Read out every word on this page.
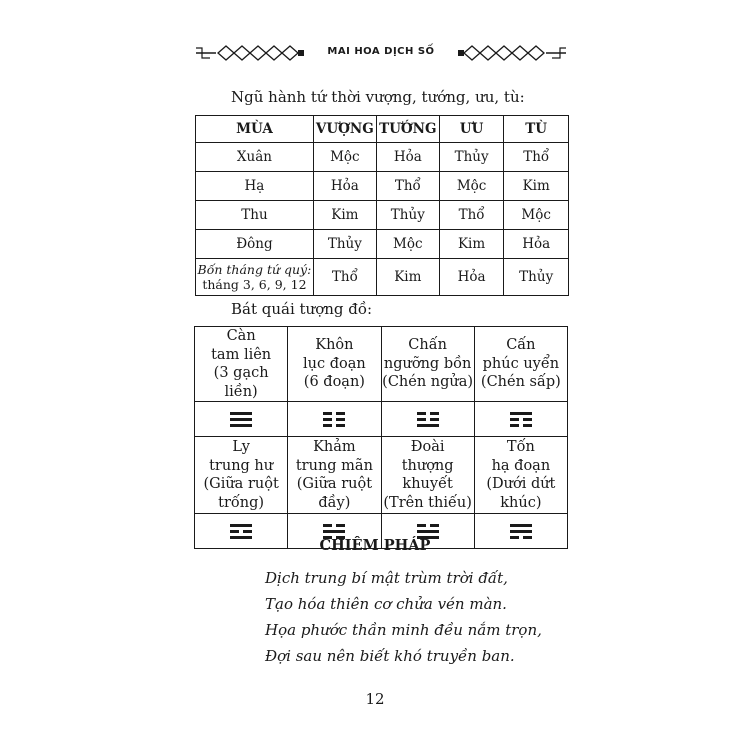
MAI HOA DỊCH SỐ
Ngũ hành tứ thời vượng, tướng, ưu, tù:
MÙA	VƯỢNG	TƯỚNG	ƯU	TÙ
Xuân	Mộc	Hỏa	Thủy	Thổ
Hạ	Hỏa	Thổ	Mộc	Kim
Thu	Kim	Thủy	Thổ	Mộc
Đông	Thủy	Mộc	Kim	Hỏa

Bốn tháng tứ quý:
tháng 3, 6, 9, 12	Thổ	Kim	Hỏa	Thủy
Bát quái tượng đồ:
Càn
tam liên
(3 gạch liền)	Khôn
lục đoạn
(6 đoạn)	Chấn
ngưỡng bồn
(Chén ngửa)	Cấn
phúc uyển
(Chén sấp)

Ly
trung hư
(Giữa ruột
trống)	Khảm
trung mãn
(Giữa ruột
đầy)	Đoài
thượng
khuyết
(Trên thiếu)	Tốn
hạ đoạn
(Dưới dứt
khúc)

CHIÊM PHÁP
Dịch trung bí mật trùm trời đất,
Tạo hóa thiên cơ chửa vén màn.
Họa phước thần minh đều nắm trọn,
Đợi sau nên biết khó truyền ban.
12
